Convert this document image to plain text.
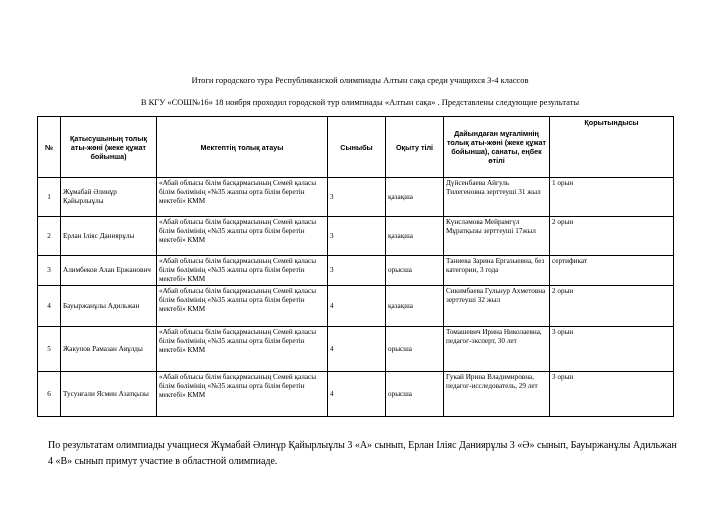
Итоги городского тура Республиканской олимпиады Алтын сақа среди учащихся 3-4 классов
В КГУ «СОШ№16» 18 ноября проходил городской тур олимпиады «Алтын сақа» . Представлены следующие результаты
№	Қатысушының толық аты-жөні (жеке құжат бойынша)	Мектептің толық атауы	Сыныбы	Оқыту тілі	Дайындаған мұғалімнің толық аты-жөні (жеке құжат бойынша), санаты, еңбек өтілі	Қорытындысы
1	Жұмабай Әлинұр Қайырлыұлы	«Абай облысы білім басқармасының Семей қаласы білім бөлімінің «№35 жалпы орта білім беретін мектебі» КММ	3	қазақша	Дүйсенбаева Айгуль Тилегеновна зерттеуші 31 жыл	1 орын
2	Ерлан Іліяс Даниярұлы	«Абай облысы білім басқармасының Семей қаласы білім бөлімінің «№35 жалпы орта білім беретін мектебі» КММ	3	қазақша	Күнсләмова Мейрамгүл Мұратқызы зерттеуші 17жыл	2 орын
3	Алимбеков Алан Ержанович	«Абай облысы білім басқармасының Семей қаласы білім бөлімінің «№35 жалпы орта білім беретін мектебі» КММ	3	орысша	Таниева Зарина Ергазыевна, без категории, 3 года	сертификат
4	Бауыржанұлы Адильжан	«Абай облысы білім басқармасының Семей қаласы білім бөлімінің «№35 жалпы орта білім беретін мектебі» КММ	4	қазақша	Сикимбаева Гульнур Ахметовна зерттеуші 32 жыл	2 орын
5	Жакупов Рамазан Аяұлды	«Абай облысы білім басқармасының Семей қаласы білім бөлімінің «№35 жалпы орта білім беретін мектебі» КММ	4	орысша	Томашевич Ирина Николаевна, педагог-эксперт, 30 лет	3 орын
6	Тусунғали Ясмин Азатқызы	«Абай облысы білім басқармасының Семей қаласы білім бөлімінің «№35 жалпы орта білім беретін мектебі» КММ	4	орысша	Гукай Ирина Владимировна, педагог-исследователь, 29 лет	3 орын
По результатам олимпиады учащиеся Жұмабай Әлинұр Қайырлыұлы 3 «А» сынып, Ерлан Іліяс Даниярұлы 3 «Ә» сынып, Бауыржанұлы Адильжан 4 «В» сынып примут участие в областной олимпиаде.
